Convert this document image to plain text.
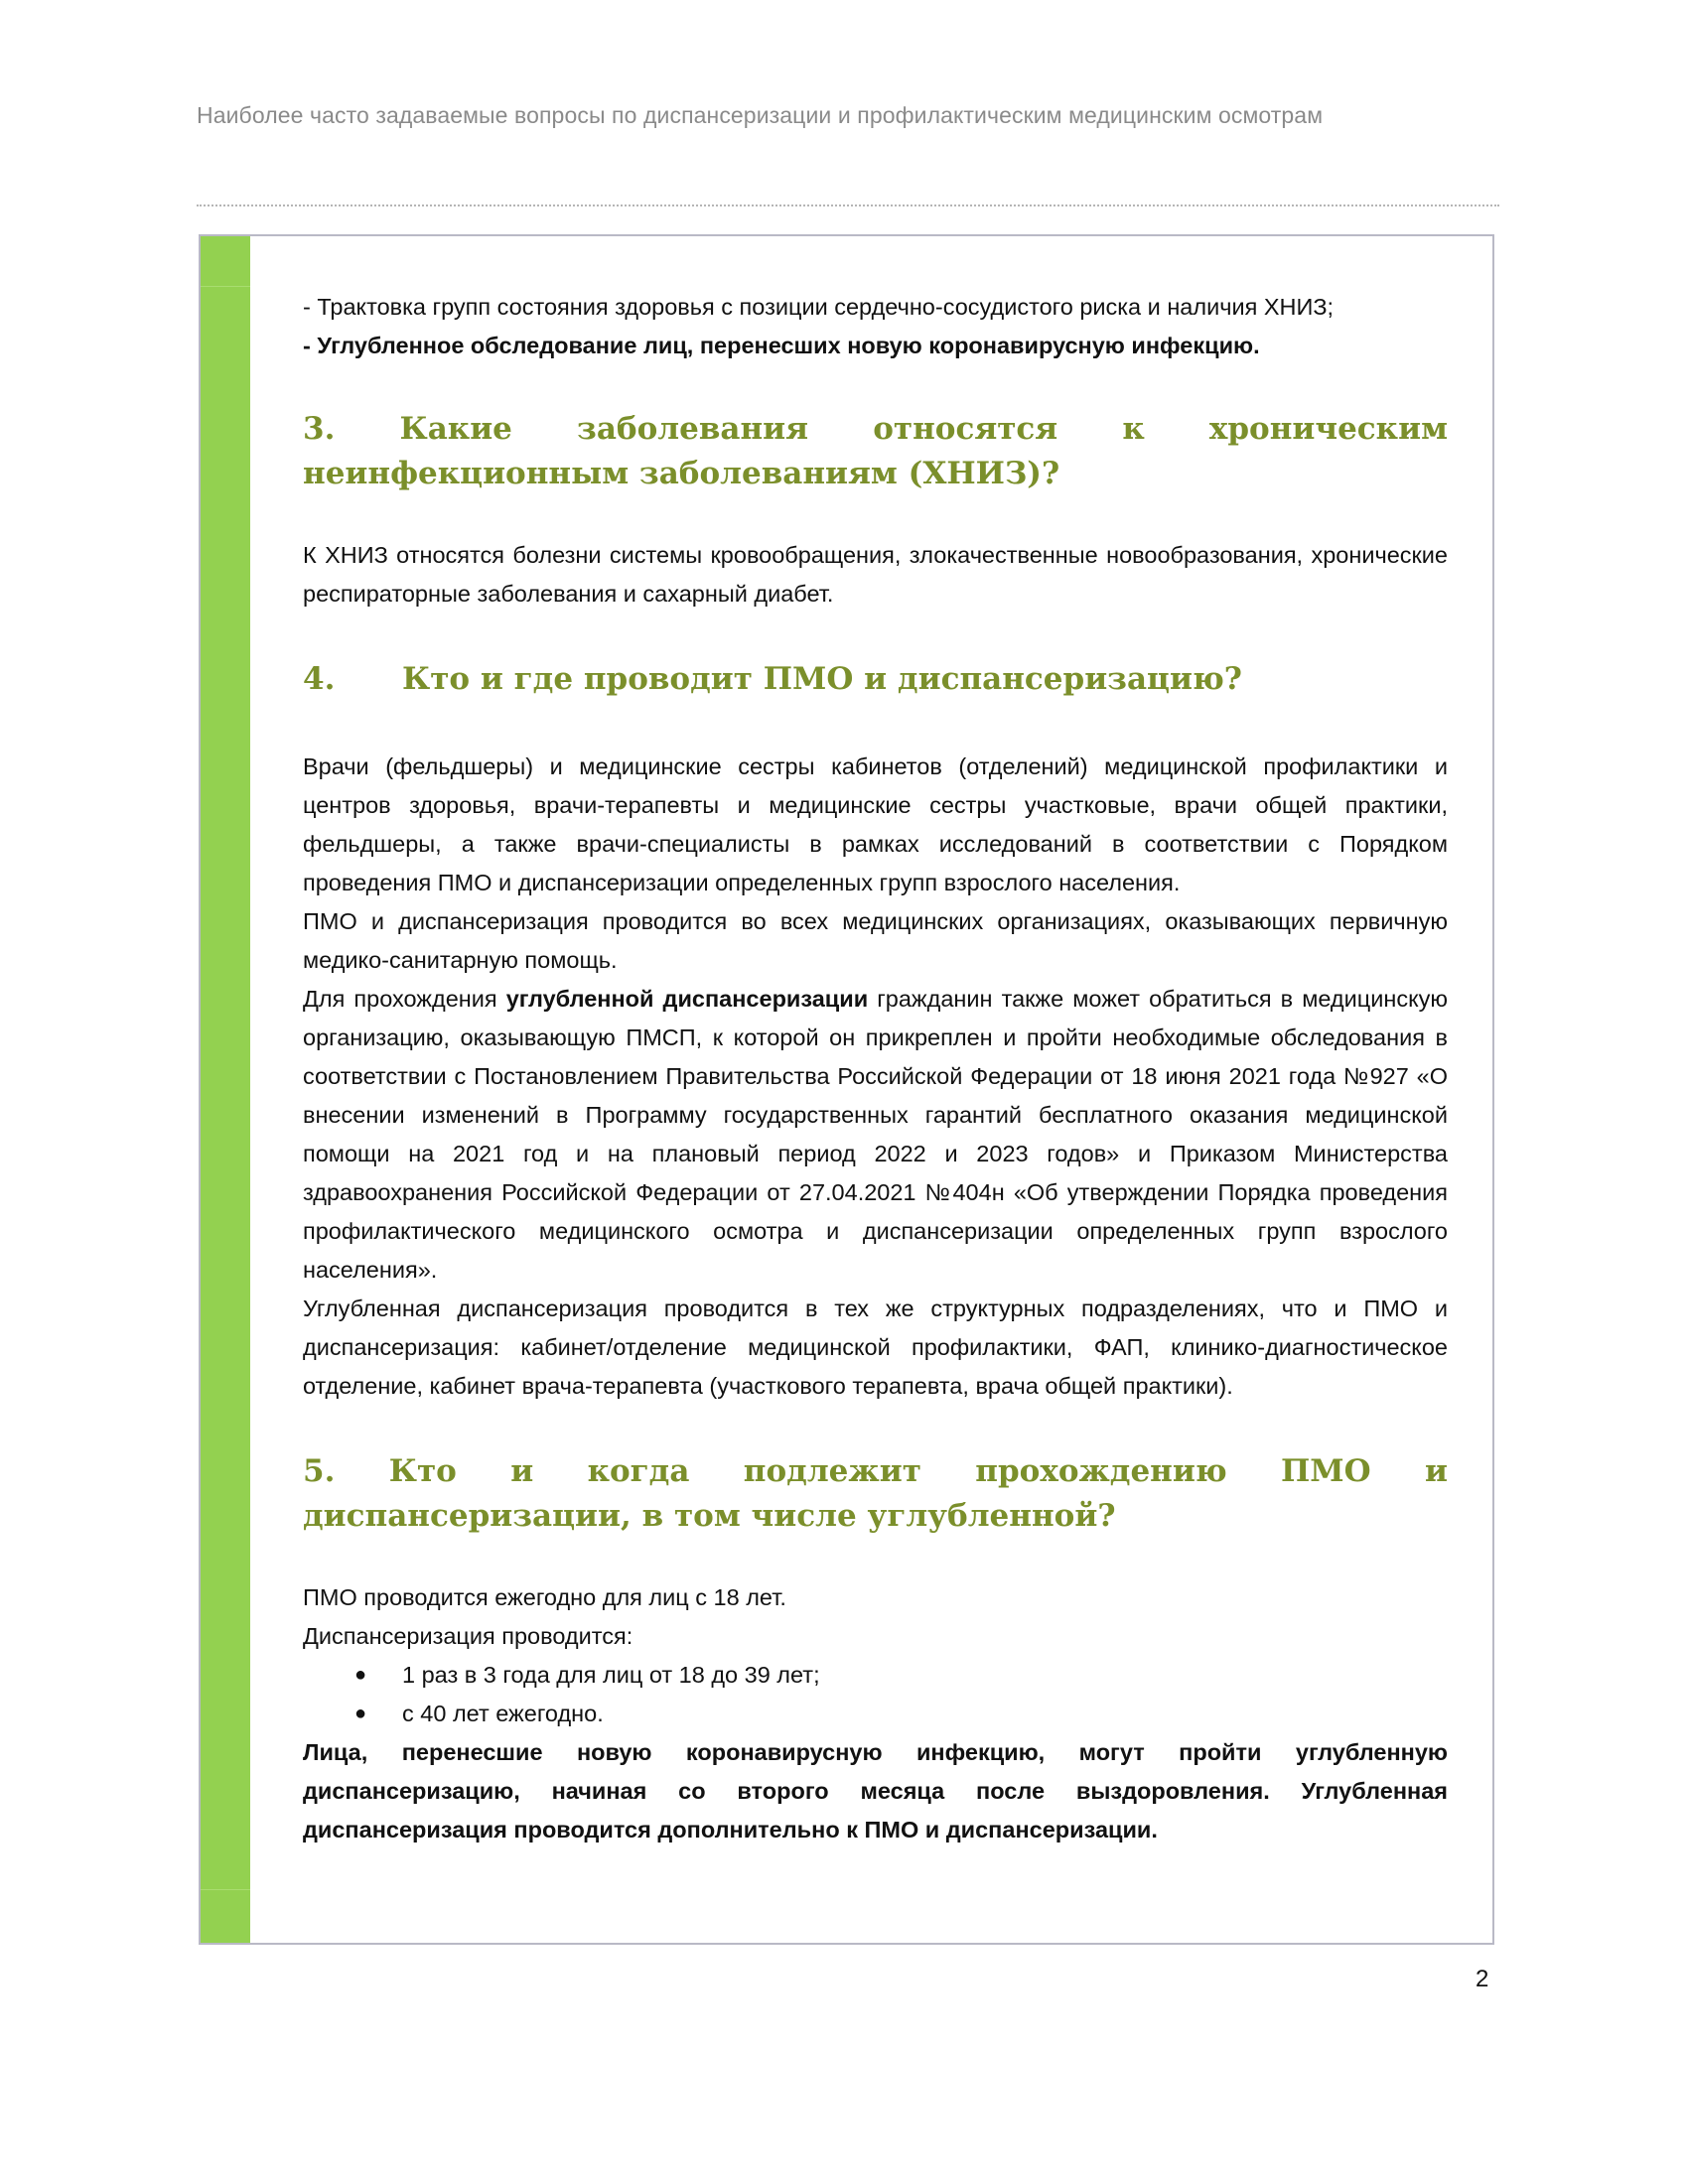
Наиболее часто задаваемые вопросы по диспансеризации и профилактическим медицинским осмотрам

- Трактовка групп состояния здоровья с позиции сердечно-сосудистого риска и наличия ХНИЗ;

- Углубленное обследование лиц, перенесших новую коронавирусную инфекцию.

3. Какие заболевания относятся к хроническим
неинфекционным заболеваниям (ХНИЗ)?

К ХНИЗ относятся болезни системы кровообращения, злокачественные новообразования, хронические респираторные заболевания и сахарный диабет.

4. Кто и где проводит ПМО и диспансеризацию?

Врачи (фельдшеры) и медицинские сестры кабинетов (отделений) медицинской профилактики и центров здоровья, врачи-терапевты и медицинские сестры участковые, врачи общей практики, фельдшеры, а также врачи-специалисты в рамках исследований в соответствии с Порядком проведения ПМО и диспансеризации определенных групп взрослого населения.

ПМО и диспансеризация проводится во всех медицинских организациях, оказывающих первичную медико-санитарную помощь.

Для прохождения углубленной диспансеризации гражданин также может обратиться в медицинскую организацию, оказывающую ПМСП, к которой он прикреплен и пройти необходимые обследования в соответствии с Постановлением Правительства Российской Федерации от 18 июня 2021 года №927 «О внесении изменений в Программу государственных гарантий бесплатного оказания медицинской помощи на 2021 год и на плановый период 2022 и 2023 годов» и Приказом Министерства здравоохранения Российской Федерации от 27.04.2021 №404н «Об утверждении Порядка проведения профилактического медицинского осмотра и диспансеризации определенных групп взрослого населения».

Углубленная диспансеризация проводится в тех же структурных подразделениях, что и ПМО и диспансеризация: кабинет/отделение медицинской профилактики, ФАП, клинико-диагностическое отделение, кабинет врача-терапевта (участкового терапевта, врача общей практики).

5. Кто и когда подлежит прохождению ПМО и
диспансеризации, в том числе углубленной?

ПМО проводится ежегодно для лиц с 18 лет.

Диспансеризация проводится:

● 1 раз в 3 года для лиц от 18 до 39 лет;
● с 40 лет ежегодно.

Лица, перенесшие новую коронавирусную инфекцию, могут пройти углубленную диспансеризацию, начиная со второго месяца после выздоровления. Углубленная диспансеризация проводится дополнительно к ПМО и диспансеризации.

2
